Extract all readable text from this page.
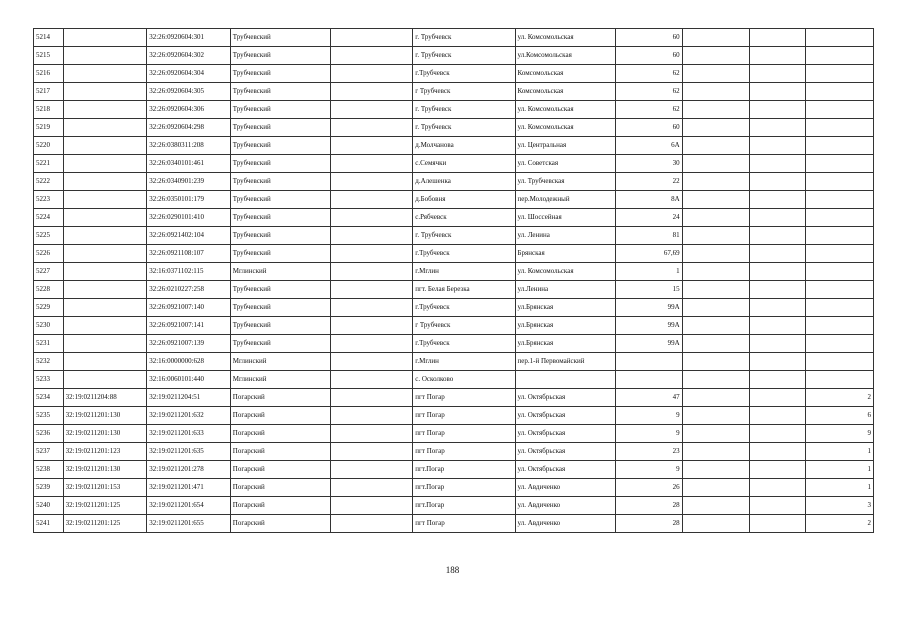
5214		32:26:0920604:301	Трубчевский		г. Трубчевск	ул. Комсомольская	60			
5215		32:26:0920604:302	Трубчевский		г. Трубчевск	ул.Комсомольская	60			
5216		32:26:0920604:304	Трубчевский		г.Трубчевск	Комсомольская	62			
5217		32:26:0920604:305	Трубчевский		г Трубчевск	Комсомольская	62			
5218		32:26:0920604:306	Трубчевский		г. Трубчевск	ул. Комсомольская	62			
5219		32:26:0920604:298	Трубчевский		г. Трубчевск	ул. Комсомольская	60			
5220		32:26:0380311:208	Трубчевский		д.Молчанова	ул. Центральная	6А			
5221		32:26:0340101:461	Трубчевский		с.Семячки	ул. Советская	30			
5222		32:26:0340901:239	Трубчевский		д.Алешенка	ул. Трубчевская	22			
5223		32:26:0350101:179	Трубчевский		д.Бобовня	пер.Молодежный	8А			
5224		32:26:0290101:410	Трубчевский		с.Рябчевск	ул. Шоссейная	24			
5225		32:26:0921402:104	Трубчевский		г. Трубчевск	ул. Ленина	81			
5226		32:26:0921108:107	Трубчевский		г.Трубчевск	Брянская	67,69			
5227		32:16:0371102:115	Мглинский		г.Мглин	ул. Комсомольская	1			
5228		32:26:0210227:258	Трубчевский		пгт. Белая Березка	ул.Ленина	15			
5229		32:26:0921007:140	Трубчевский		г.Трубчевск	ул.Брянская	99А			
5230		32:26:0921007:141	Трубчевский		г Трубчевск	ул.Брянская	99А			
5231		32:26:0921007:139	Трубчевский		г.Трубчевск	ул.Брянская	99А			
5232		32:16:0000000:628	Мглинский		г.Мглин	пер.1-й Первомайский				
5233		32:16:0060101:440	Мглинский		с. Осколково					
5234	32:19:0211204:88	32:19:0211204:51	Погарский		пгт Погар	ул. Октябрьская	47			2
5235	32:19:0211201:130	32:19:0211201:632	Погарский		пгт Погар	ул. Октябрьская	9			6
5236	32:19:0211201:130	32:19:0211201:633	Погарский		пгт Погар	ул. Октябрьская	9			9
5237	32:19:0211201:123	32:19:0211201:635	Погарский		пгт Погар	ул. Октябрьская	23			1
5238	32:19:0211201:130	32:19:0211201:278	Погарский		пгт.Погар	ул. Октябрьская	9			1
5239	32:19:0211201:153	32:19:0211201:471	Погарский		пгт.Погар	ул. Авдиченко	26			1
5240	32:19:0211201:125	32:19:0211201:654	Погарский		пгт.Погар	ул. Авдиченко	28			3
5241	32:19:0211201:125	32:19:0211201:655	Погарский		пгт Погар	ул. Авдиченко	28			2
188
